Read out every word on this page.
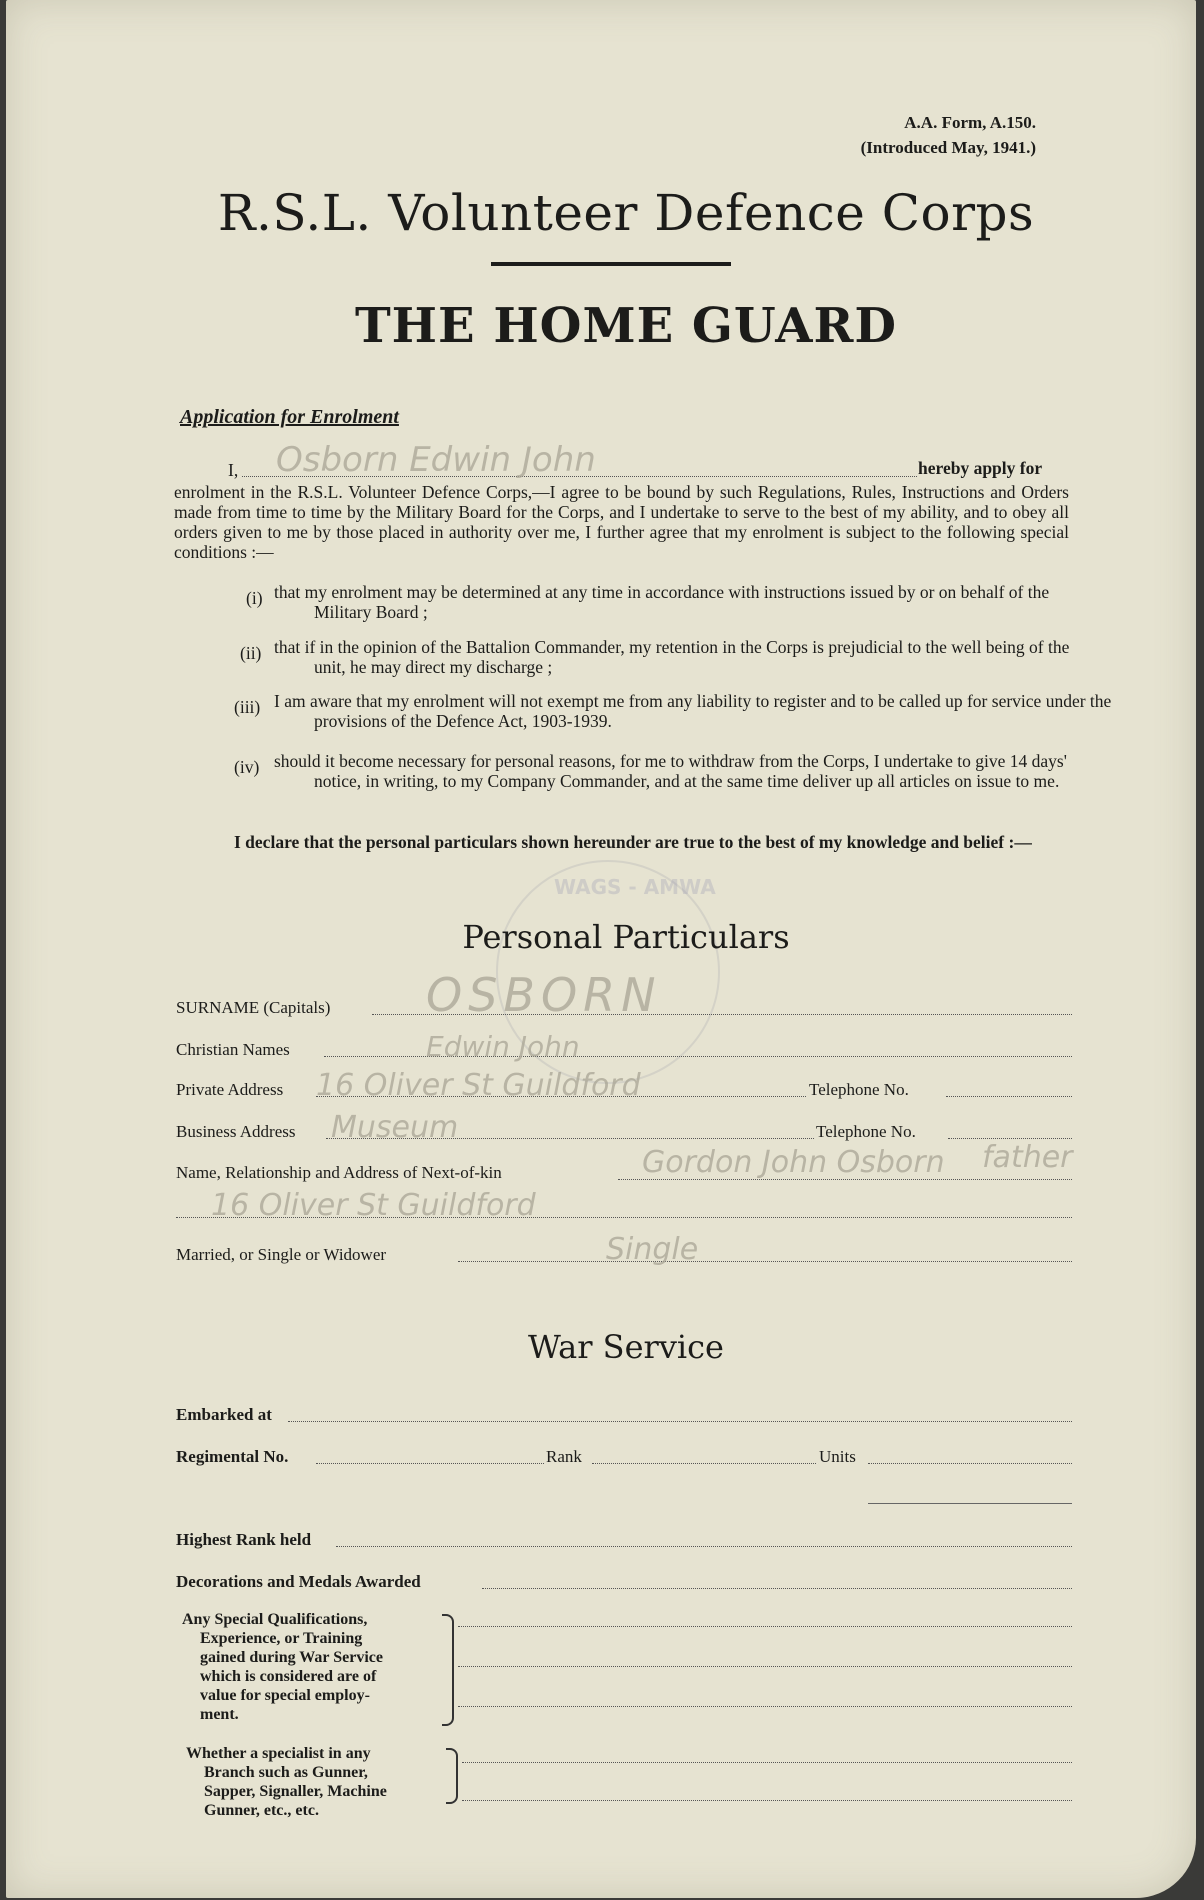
A.A. Form, A.150.
(Introduced May, 1941.)
R.S.L. Volunteer Defence Corps
THE HOME GUARD
Application for Enrolment
I, Osborn Edwin John	hereby apply for
enrolment in the R.S.L. Volunteer Defence Corps,—I agree to be bound by such Regulations, Rules, Instructions and Orders made from time to time by the Military Board for the Corps, and I undertake to serve to the best of my ability, and to obey all orders given to me by those placed in authority over me, I further agree that my enrolment is subject to the following special conditions :—
(i) that my enrolment may be determined at any time in accordance with instructions issued by or on behalf of the Military Board ;
(ii) that if in the opinion of the Battalion Commander, my retention in the Corps is prejudicial to the well being of the unit, he may direct my discharge ;
(iii) I am aware that my enrolment will not exempt me from any liability to register and to be called up for service under the provisions of the Defence Act, 1903-1939.
(iv) should it become necessary for personal reasons, for me to withdraw from the Corps, I undertake to give 14 days' notice, in writing, to my Company Commander, and at the same time deliver up all articles on issue to me.
I declare that the personal particulars shown hereunder are true to the best of my knowledge and belief :—
WAGS - AMWA
Personal Particulars
SURNAME (Capitals) OSBORN
Christian Names	Edwin John
Private Address 16 Oliver St Guildford	Telephone No.
Business Address Museum	Telephone No.
Name, Relationship and Address of Next-of-kin	Gordon John Osborn father
16 Oliver St Guildford
Married, or Single or Widower	Single
War Service
Embarked at
Regimental No.	Rank	Units
Highest Rank held
Decorations and Medals Awarded
Any Special Qualifications,
Experience, or Training
gained during War Service
which is considered are of
value for special employ-
ment.
Whether a specialist in any
Branch such as Gunner,
Sapper, Signaller, Machine
Gunner, etc., etc.
